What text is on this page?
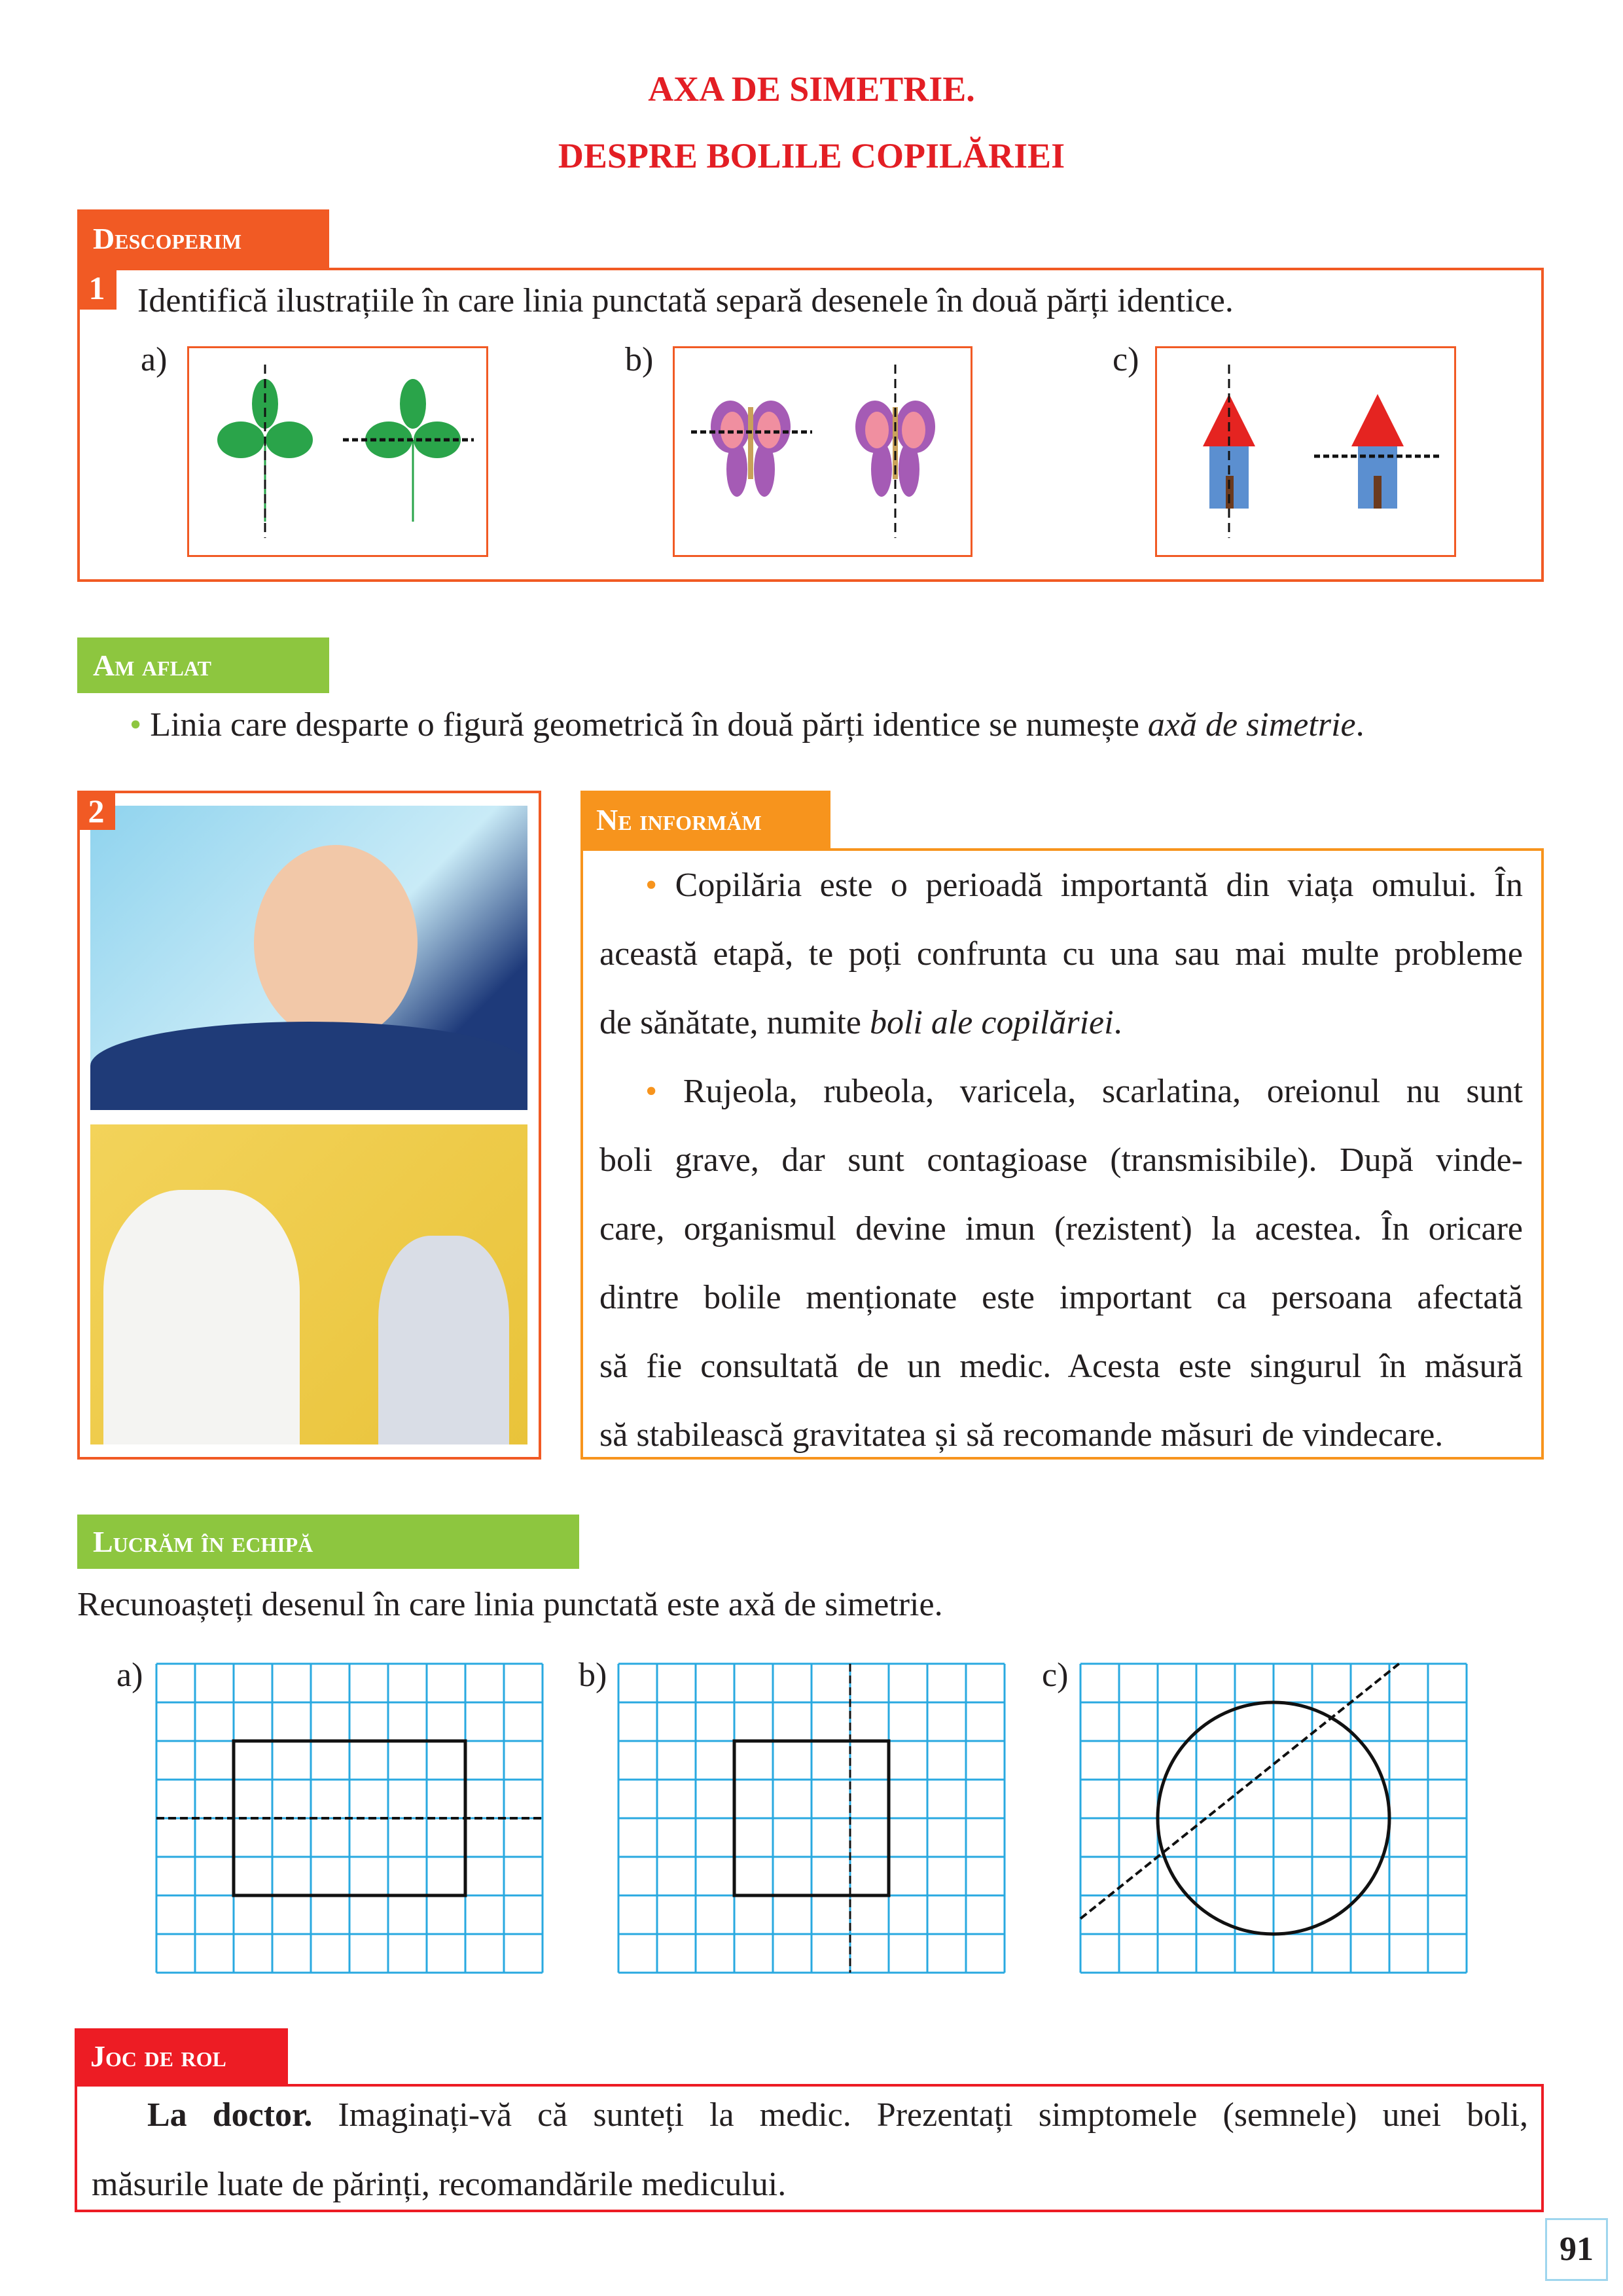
AXA DE SIMETRIE.
DESPRE BOLILE COPILĂRIEI
Descoperim
1 Identifică ilustrațiile în care linia punctată separă desenele în două părți identice.
a)	b)	c)
Am aflat
• Linia care desparte o figură geometrică în două părți identice se numește axă de simetrie.
2	Ne informăm

• Copilăria este o perioadă importantă din viața omului. În

această etapă, te poți confrunta cu una sau mai multe probleme

de sănătate, numite boli ale copilăriei.

• Rujeola, rubeola, varicela, scarlatina, oreionul nu sunt

boli grave, dar sunt contagioase (transmisibile). După vinde-

care, organismul devine imun (rezistent) la acestea. În oricare

dintre bolile menționate este important ca persoana afectată

să fie consultată de un medic. Acesta este singurul în măsură

să stabilească gravitatea și să recomande măsuri de vindecare.

Lucrăm în echipă
Recunoașteți desenul în care linia punctată este axă de simetrie.
a)	b)	c)
Joc de rol
La doctor. Imaginați-vă că sunteți la medic. Prezentați simptomele (semnele) unei boli,
măsurile luate de părinți, recomandările medicului.
91
